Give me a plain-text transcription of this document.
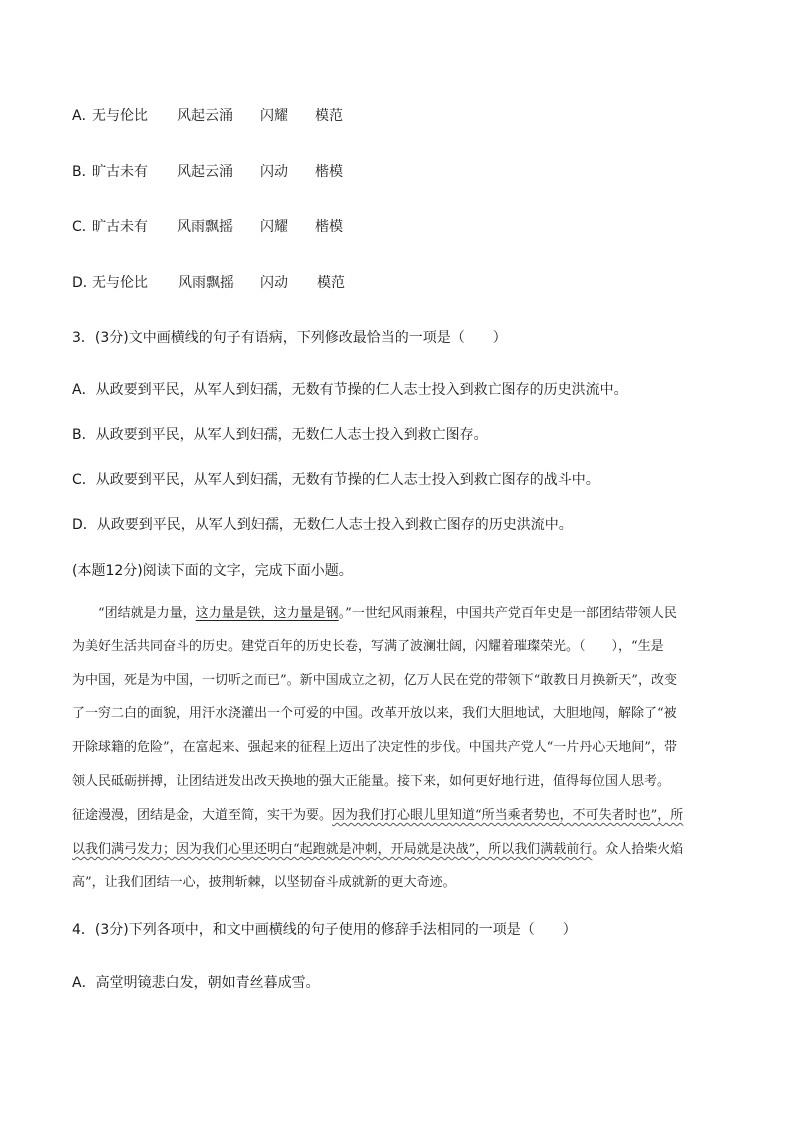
A．
无与伦比 风起云涌 闪耀 模范
B．
旷古未有 风起云涌 闪动 楷模
C．
旷古未有 风雨飘摇 闪耀 楷模
D．
无与伦比 风雨飘摇 闪动 模范
3．(3分)文中画横线的句子有语病，下列修改最恰当的一项是（　　）
A．从政要到平民，从军人到妇孺，无数有节操的仁人志士投入到救亡图存的历史洪流中。
B．从政要到平民，从军人到妇孺，无数仁人志士投入到救亡图存。
C．从政要到平民，从军人到妇孺，无数有节操的仁人志士投入到救亡图存的战斗中。
D．从政要到平民，从军人到妇孺，无数仁人志士投入到救亡图存的历史洪流中。
(本题12分)阅读下面的文字，完成下面小题。
“团结就是力量，这力量是铁，这力量是钢。”一世纪风雨兼程，中国共产党百年史是一部团结带领人民
为美好生活共同奋斗的历史。建党百年的历史长卷，写满了波澜壮阔，闪耀着璀璨荣光。（　　），“生是
为中国，死是为中国，一切听之而已”。新中国成立之初，亿万人民在党的带领下“敢教日月换新天”，改变
了一穷二白的面貌，用汗水浇灌出一个可爱的中国。改革开放以来，我们大胆地试，大胆地闯，解除了“被
开除球籍的危险”，在富起来、强起来的征程上迈出了决定性的步伐。中国共产党人“一片丹心天地间”，带
领人民砥砺拼搏，让团结迸发出改天换地的强大正能量。接下来，如何更好地行进，值得每位国人思考。
征途漫漫，团结是金，大道至简，实干为要。因为我们打心眼儿里知道“所当乘者势也，不可失者时也”，所
以我们满弓发力；因为我们心里还明白“起跑就是冲刺，开局就是决战”，所以我们满载前行。众人拾柴火焰
高”，让我们团结一心，披荆斩棘，以坚韧奋斗成就新的更大奇迹。
4．(3分)下列各项中，和文中画横线的句子使用的修辞手法相同的一项是（　　）
A．高堂明镜悲白发，朝如青丝暮成雪。
